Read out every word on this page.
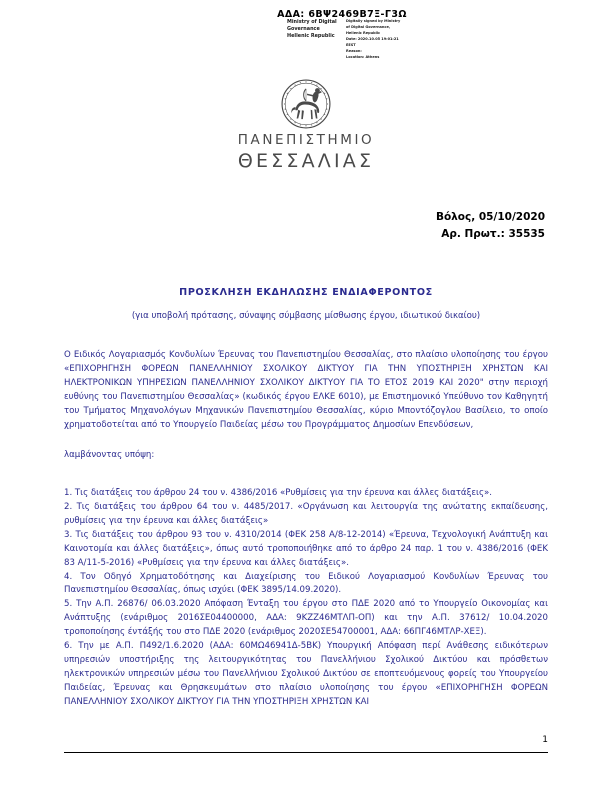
ΑΔΑ: 6ΒΨ2469Β7Ξ-Γ3Ω
Ministry of Digital
Governance
Hellenic Republic
Digitally signed by Ministry
of Digital Governance,
Hellenic Republic
Date: 2020.10.05 19:01:21
EEST
Reason:
Location: Athens
ΠΑΝΕΠΙΣΤΗΜΙΟ
ΘΕΣΣΑΛΙΑΣ
Βόλος, 05/10/2020
Αρ. Πρωτ.: 35535
ΠΡΟΣΚΛΗΣΗ ΕΚΔΗΛΩΣΗΣ ΕΝΔΙΑΦΕΡΟΝΤΟΣ
(για υποβολή πρότασης, σύναψης σύμβασης μίσθωσης έργου, ιδιωτικού δικαίου)

Ο Ειδικός Λογαριασμός Κονδυλίων Έρευνας του Πανεπιστημίου Θεσσαλίας, στο πλαίσιο υλοποίησης του έργου «ΕΠΙΧΟΡΗΓΗΣΗ ΦΟΡΕΩΝ ΠΑΝΕΛΛΗΝΙΟΥ ΣΧΟΛΙΚΟΥ ΔΙΚΤΥΟΥ ΓΙΑ ΤΗΝ ΥΠΟΣΤΗΡΙΞΗ ΧΡΗΣΤΩΝ ΚΑΙ ΗΛΕΚΤΡΟΝΙΚΩΝ ΥΠΗΡΕΣΙΩΝ ΠΑΝΕΛΛΗΝΙΟΥ ΣΧΟΛΙΚΟΥ ΔΙΚΤΥΟΥ ΓΙΑ ΤΟ ΕΤΟΣ 2019 ΚΑΙ 2020" στην περιοχή ευθύνης του Πανεπιστημίου Θεσσαλίας» (κωδικός έργου ΕΛΚΕ 6010), με Επιστημονικό Υπεύθυνο τον Καθηγητή του Τμήματος Μηχανολόγων Μηχανικών Πανεπιστημίου Θεσσαλίας, κύριο Μποντόζογλου Βασίλειο, το οποίο χρηματοδοτείται από το Υπουργείο Παιδείας μέσω του Προγράμματος Δημοσίων Επενδύσεων,

λαμβάνοντας υπόψη:

1. Τις διατάξεις του άρθρου 24 του ν. 4386/2016 «Ρυθμίσεις για την έρευνα και άλλες διατάξεις».

2. Τις διατάξεις του άρθρου 64 του ν. 4485/2017. «Οργάνωση και λειτουργία της ανώτατης εκπαίδευσης, ρυθμίσεις για την έρευνα και άλλες διατάξεις»

3. Τις διατάξεις του άρθρου 93 του ν. 4310/2014 (ΦΕΚ 258 Α/8-12-2014) «Έρευνα, Τεχνολογική Ανάπτυξη και Καινοτομία και άλλες διατάξεις», όπως αυτό τροποποιήθηκε από το άρθρο 24 παρ. 1 του ν. 4386/2016 (ΦΕΚ 83 Α/11-5-2016) «Ρυθμίσεις για την έρευνα και άλλες διατάξεις».

4. Τον Οδηγό Χρηματοδότησης και Διαχείρισης του Ειδικού Λογαριασμού Κονδυλίων Έρευνας του Πανεπιστημίου Θεσσαλίας, όπως ισχύει (ΦΕΚ 3895/14.09.2020).

5. Την Α.Π. 26876/ 06.03.2020 Απόφαση Ένταξη του έργου στο ΠΔΕ 2020 από το Υπουργείο Οικονομίας και Ανάπτυξης (ενάριθμος 2016ΣΕ04400000, ΑΔΑ: 9ΚΖΖ46ΜΤΛΠ-ΟΠ) και την Α.Π. 37612/ 10.04.2020 τροποποίησης έντάξής του στο ΠΔΕ 2020 (ενάριθμος 2020ΣΕ54700001, ΑΔΑ: 66ΠΓ46ΜΤΛΡ-ΧΕΞ).

6. Την με Α.Π. Π492/1.6.2020 (ΑΔΑ: 60ΜΩ46941Δ-5ΒΚ) Υπουργική Απόφαση περί Ανάθεσης ειδικότερων υπηρεσιών υποστήριξης της λειτουργικότητας του Πανελλήνιου Σχολικού Δικτύου και πρόσθετων ηλεκτρονικών υπηρεσιών μέσω του Πανελλήνιου Σχολικού Δικτύου σε εποπτευόμενους φορείς του Υπουργείου Παιδείας, Έρευνας και Θρησκευμάτων στο πλαίσιο υλοποίησης του έργου «ΕΠΙΧΟΡΗΓΗΣΗ ΦΟΡΕΩΝ ΠΑΝΕΛΛΗΝΙΟΥ ΣΧΟΛΙΚΟΥ ΔΙΚΤΥΟΥ ΓΙΑ ΤΗΝ ΥΠΟΣΤΗΡΙΞΗ ΧΡΗΣΤΩΝ ΚΑΙ

1
